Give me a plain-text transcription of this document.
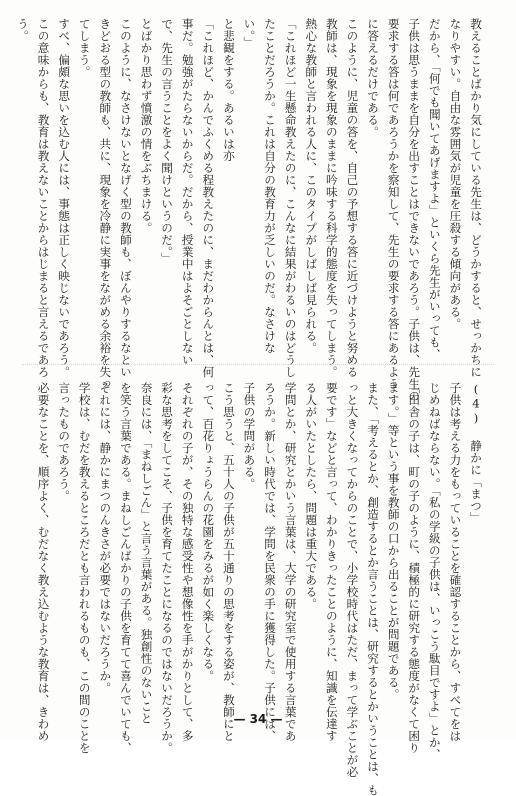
教えることばかり気にしている先生は、どうかすると、せっかちに
なりやすい。自由な雰囲気が児童を圧殺する傾向がある。
だから、「何でも聞いてあげますよ」といくら先生がいっても、
子供は思うままを自分を出すことはできないであろう。子供は、先生の
要求する答は何であろうかを察知して、先生の要求する答にあるよう
に答えるだけである。
このように、児童の答を、自己の予想する答に近づけようと努める
教師は、現象を現象のままに吟味する科学的態度を失ってしまう。
熱心な教師と言われる人に、このタイプがしばしば見られる。
「これほど一生懸命教えたのに、こんなに結果がわるいのはどうし
たことだろうか。これは自分の教育力が乏しいのだ。なさけな
い。」
と悲観をする。あるいは亦
「これほど、かんでふくめる程教えたのに、まだわからんとは、何
事だ。勉強がたらないからだ。だから、授業中はよそごとしない
で、先生の言うことをよく聞けというのだ。」
とばかり思わず憤激の情をぶちまける。
このように、なさけないとなげく型の教師も、ぼんやりするなとい
きどおる型の教師も、共に、現象を冷静に実事をながめる余裕を失っ
てしまう。
すべ、偏頗な思いを込む人には、事態は正しく映じないであろう。
この意味からも、教育は教えないことからはじまると言えるであろ
う。
(4) 静かに「まつ」
子供は考える力をもっていることを確認することから、すべてをは
じめねばならない。「私の学級の子供は、いっこう駄目ですよ」とか、
「田舎の子は、町の子のように、積極的に研究する態度がなくて困り
ます。」等という事を教師の口から出ることが問題である。
また、「考えるとか、創造するとか言うことは、研究するとかいうことは、も
っと大きくなってからのことで、小学校時代はただ、まって学ぶことが必
要です」などと言って、わかりきったことのように、知識を伝達す
る人がいたとしたら、問題は重大である。
学問とか、研究とかいう言葉は、大学の研究室で使用する言葉であ
ろうか。新しい時代では、学問を民衆の手に獲得した。子供には、
子供の学問がある。
こう思うと、五十人の子供が五十通りの思考をする姿が、教師にと
って、百花りょうらんの花園をみるが如く楽しくなる。
それぞれの子が、その独特な感受性や想像性を手がかりとして、多
彩な思考をしてこそ、子供を育てたことになるのではないだろうか。
奈良には、「まねしごん」と言う言葉がある。独創性のないこと
を笑う言葉である。まねしごんばかりの子供を育てて喜んでいても、
それには、静かにまつのんきさが必要ではないだろうか。
学校は、むだを教えるところだとも言われるものも、この間のことを
言ったものであろう。
必要なことを、順序よく、むだなく教え込むような教育は、きわめ	— 34 —
